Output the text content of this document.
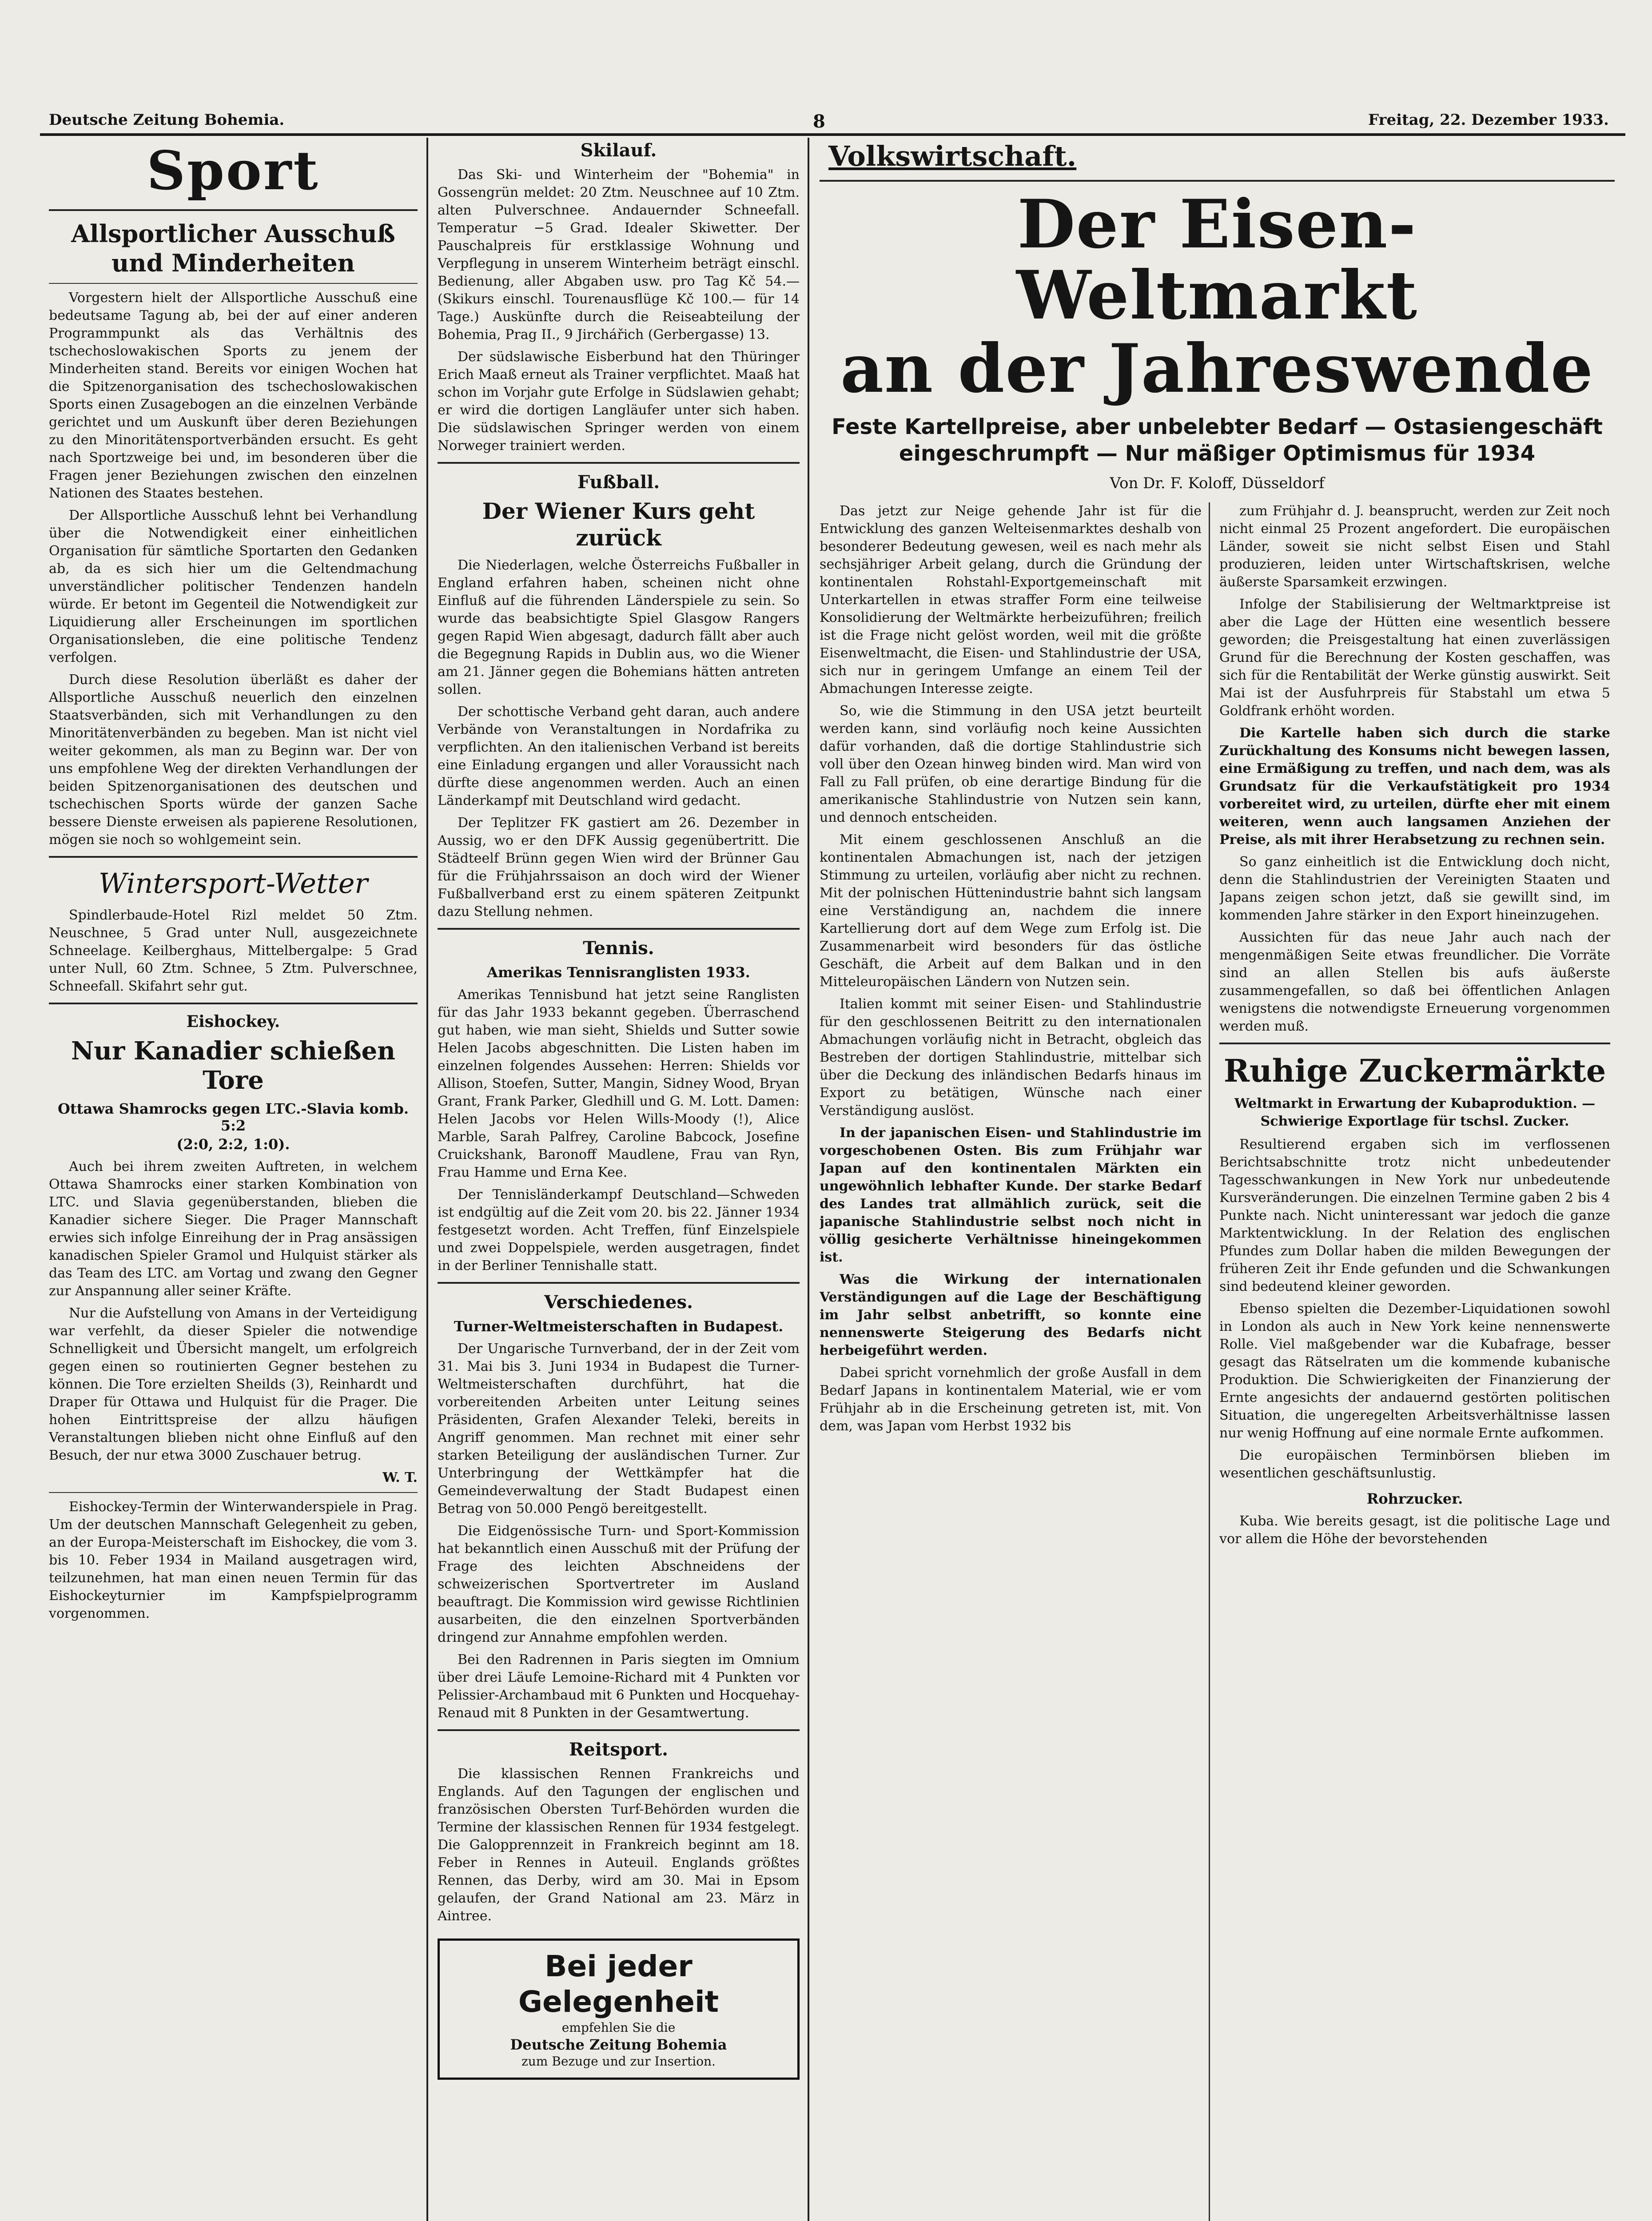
Deutsche Zeitung Bohemia.	8	Freitag, 22. Dezember 1933.
Sport
Allsportlicher Ausschuß und Minderheiten

Vorgestern hielt der Allsportliche Ausschuß eine bedeutsame Tagung ab, bei der auf einer anderen Programmpunkt als das Verhältnis des tschechoslowakischen Sports zu jenem der Minderheiten stand. Bereits vor einigen Wochen hat die Spitzenorganisation des tschechoslowakischen Sports einen Zusagebogen an die einzelnen Verbände gerichtet und um Auskunft über deren Beziehungen zu den Minoritätensportverbänden ersucht. Es geht nach Sportzweige bei und, im besonderen über die Fragen jener Beziehungen zwischen den einzelnen Nationen des Staates bestehen.

Der Allsportliche Ausschuß lehnt bei Verhandlung über die Notwendigkeit einer einheitlichen Organisation für sämtliche Sportarten den Gedanken ab, da es sich hier um die Geltendmachung unverständlicher politischer Tendenzen handeln würde. Er betont im Gegenteil die Notwendigkeit zur Liquidierung aller Erscheinungen im sportlichen Organisationsleben, die eine politische Tendenz verfolgen.

Durch diese Resolution überläßt es daher der Allsportliche Ausschuß neuerlich den einzelnen Staatsverbänden, sich mit Verhandlungen zu den Minoritätenverbänden zu begeben. Man ist nicht viel weiter gekommen, als man zu Beginn war. Der von uns empfohlene Weg der direkten Verhandlungen der beiden Spitzenorganisationen des deutschen und tschechischen Sports würde der ganzen Sache bessere Dienste erweisen als papierene Resolutionen, mögen sie noch so wohlgemeint sein.

Wintersport-Wetter

Spindlerbaude-Hotel Rizl meldet 50 Ztm. Neuschnee, 5 Grad unter Null, ausgezeichnete Schneelage. Keilberghaus, Mittelbergalpe: 5 Grad unter Null, 60 Ztm. Schnee, 5 Ztm. Pulverschnee, Schneefall. Skifahrt sehr gut.

Eishockey.
Nur Kanadier schießen Tore
Ottawa Shamrocks gegen LTC.-Slavia komb. 5:2
(2:0, 2:2, 1:0).

Auch bei ihrem zweiten Auftreten, in welchem Ottawa Shamrocks einer starken Kombination von LTC. und Slavia gegenüberstanden, blieben die Kanadier sichere Sieger. Die Prager Mannschaft erwies sich infolge Einreihung der in Prag ansässigen kanadischen Spieler Gramol und Hulquist stärker als das Team des LTC. am Vortag und zwang den Gegner zur Anspannung aller seiner Kräfte.

Nur die Aufstellung von Amans in der Verteidigung war verfehlt, da dieser Spieler die notwendige Schnelligkeit und Übersicht mangelt, um erfolgreich gegen einen so routinierten Gegner bestehen zu können. Die Tore erzielten Sheilds (3), Reinhardt und Draper für Ottawa und Hulquist für die Prager. Die hohen Eintrittspreise der allzu häufigen Veranstaltungen blieben nicht ohne Einfluß auf den Besuch, der nur etwa 3000 Zuschauer betrug.

W. T.

Eishockey-Termin der Winterwanderspiele in Prag. Um der deutschen Mannschaft Gelegenheit zu geben, an der Europa-Meisterschaft im Eishockey, die vom 3. bis 10. Feber 1934 in Mailand ausgetragen wird, teilzunehmen, hat man einen neuen Termin für das Eishockeyturnier im Kampfspielprogramm vorgenommen.

Skilauf.

Das Ski- und Winterheim der "Bohemia" in Gossengrün meldet: 20 Ztm. Neuschnee auf 10 Ztm. alten Pulverschnee. Andauernder Schneefall. Temperatur −5 Grad. Idealer Skiwetter. Der Pauschalpreis für erstklassige Wohnung und Verpflegung in unserem Winterheim beträgt einschl. Bedienung, aller Abgaben usw. pro Tag Kč 54.— (Skikurs einschl. Tourenausflüge Kč 100.— für 14 Tage.) Auskünfte durch die Reiseabteilung der Bohemia, Prag II., 9 Jirchářich (Gerbergasse) 13.

Der südslawische Eisberbund hat den Thüringer Erich Maaß erneut als Trainer verpflichtet. Maaß hat schon im Vorjahr gute Erfolge in Südslawien gehabt; er wird die dortigen Langläufer unter sich haben. Die südslawischen Springer werden von einem Norweger trainiert werden.

Fußball.
Der Wiener Kurs geht zurück

Die Niederlagen, welche Österreichs Fußballer in England erfahren haben, scheinen nicht ohne Einfluß auf die führenden Länderspiele zu sein. So wurde das beabsichtigte Spiel Glasgow Rangers gegen Rapid Wien abgesagt, dadurch fällt aber auch die Begegnung Rapids in Dublin aus, wo die Wiener am 21. Jänner gegen die Bohemians hätten antreten sollen.

Der schottische Verband geht daran, auch andere Verbände von Veranstaltungen in Nordafrika zu verpflichten. An den italienischen Verband ist bereits eine Einladung ergangen und aller Voraussicht nach dürfte diese angenommen werden. Auch an einen Länderkampf mit Deutschland wird gedacht.

Der Teplitzer FK gastiert am 26. Dezember in Aussig, wo er den DFK Aussig gegenübertritt. Die Städteelf Brünn gegen Wien wird der Brünner Gau für die Frühjahrssaison an doch wird der Wiener Fußballverband erst zu einem späteren Zeitpunkt dazu Stellung nehmen.

Tennis.
Amerikas Tennisranglisten 1933.

Amerikas Tennisbund hat jetzt seine Ranglisten für das Jahr 1933 bekannt gegeben. Überraschend gut haben, wie man sieht, Shields und Sutter sowie Helen Jacobs abgeschnitten. Die Listen haben im einzelnen folgendes Aussehen: Herren: Shields vor Allison, Stoefen, Sutter, Mangin, Sidney Wood, Bryan Grant, Frank Parker, Gledhill und G. M. Lott. Damen: Helen Jacobs vor Helen Wills-Moody (!), Alice Marble, Sarah Palfrey, Caroline Babcock, Josefine Cruickshank, Baronoff Maudlene, Frau van Ryn, Frau Hamme und Erna Kee.

Der Tennisländerkampf Deutschland—Schweden ist endgültig auf die Zeit vom 20. bis 22. Jänner 1934 festgesetzt worden. Acht Treffen, fünf Einzelspiele und zwei Doppelspiele, werden ausgetragen, findet in der Berliner Tennishalle statt.

Verschiedenes.
Turner-Weltmeisterschaften in Budapest.

Der Ungarische Turnverband, der in der Zeit vom 31. Mai bis 3. Juni 1934 in Budapest die Turner-Weltmeisterschaften durchführt, hat die vorbereitenden Arbeiten unter Leitung seines Präsidenten, Grafen Alexander Teleki, bereits in Angriff genommen. Man rechnet mit einer sehr starken Beteiligung der ausländischen Turner. Zur Unterbringung der Wettkämpfer hat die Gemeindeverwaltung der Stadt Budapest einen Betrag von 50.000 Pengö bereitgestellt.

Die Eidgenössische Turn- und Sport-Kommission hat bekanntlich einen Ausschuß mit der Prüfung der Frage des leichten Abschneidens der schweizerischen Sportvertreter im Ausland beauftragt. Die Kommission wird gewisse Richtlinien ausarbeiten, die den einzelnen Sportverbänden dringend zur Annahme empfohlen werden.

Bei den Radrennen in Paris siegten im Omnium über drei Läufe Lemoine-Richard mit 4 Punkten vor Pelissier-Archambaud mit 6 Punkten und Hocquehay-Renaud mit 8 Punkten in der Gesamtwertung.

Reitsport.

Die klassischen Rennen Frankreichs und Englands. Auf den Tagungen der englischen und französischen Obersten Turf-Behörden wurden die Termine der klassischen Rennen für 1934 festgelegt. Die Galopprennzeit in Frankreich beginnt am 18. Feber in Rennes in Auteuil. Englands größtes Rennen, das Derby, wird am 30. Mai in Epsom gelaufen, der Grand National am 23. März in Aintree.

Bei jeder Gelegenheit
empfehlen Sie die
Deutsche Zeitung Bohemia
zum Bezuge und zur Insertion.
Volkswirtschaft.
Der Eisen-Weltmarkt
an der Jahreswende
Feste Kartellpreise, aber unbelebter Bedarf — Ostasiengeschäft
eingeschrumpft — Nur mäßiger Optimismus für 1934
Von Dr. F. Koloff, Düsseldorf

Das jetzt zur Neige gehende Jahr ist für die Entwicklung des ganzen Welteisenmarktes deshalb von besonderer Bedeutung gewesen, weil es nach mehr als sechsjähriger Arbeit gelang, durch die Gründung der kontinentalen Rohstahl-Exportgemeinschaft mit Unterkartellen in etwas straffer Form eine teilweise Konsolidierung der Weltmärkte herbeizuführen; freilich ist die Frage nicht gelöst worden, weil mit die größte Eisenweltmacht, die Eisen- und Stahlindustrie der USA, sich nur in geringem Umfange an einem Teil der Abmachungen Interesse zeigte.

So, wie die Stimmung in den USA jetzt beurteilt werden kann, sind vorläufig noch keine Aussichten dafür vorhanden, daß die dortige Stahlindustrie sich voll über den Ozean hinweg binden wird. Man wird von Fall zu Fall prüfen, ob eine derartige Bindung für die amerikanische Stahlindustrie von Nutzen sein kann, und dennoch entscheiden.

Mit einem geschlossenen Anschluß an die kontinentalen Abmachungen ist, nach der jetzigen Stimmung zu urteilen, vorläufig aber nicht zu rechnen. Mit der polnischen Hüttenindustrie bahnt sich langsam eine Verständigung an, nachdem die innere Kartellierung dort auf dem Wege zum Erfolg ist. Die Zusammenarbeit wird besonders für das östliche Geschäft, die Arbeit auf dem Balkan und in den Mitteleuropäischen Ländern von Nutzen sein.

Italien kommt mit seiner Eisen- und Stahlindustrie für den geschlossenen Beitritt zu den internationalen Abmachungen vorläufig nicht in Betracht, obgleich das Bestreben der dortigen Stahlindustrie, mittelbar sich über die Deckung des inländischen Bedarfs hinaus im Export zu betätigen, Wünsche nach einer Verständigung auslöst.

In der japanischen Eisen- und Stahlindustrie im vorgeschobenen Osten. Bis zum Frühjahr war Japan auf den kontinentalen Märkten ein ungewöhnlich lebhafter Kunde. Der starke Bedarf des Landes trat allmählich zurück, seit die japanische Stahlindustrie selbst noch nicht in völlig gesicherte Verhältnisse hineingekommen ist.

Was die Wirkung der internationalen Verständigungen auf die Lage der Beschäftigung im Jahr selbst anbetrifft, so konnte eine nennenswerte Steigerung des Bedarfs nicht herbeigeführt werden.

Dabei spricht vornehmlich der große Ausfall in dem Bedarf Japans in kontinentalem Material, wie er vom Frühjahr ab in die Erscheinung getreten ist, mit. Von dem, was Japan vom Herbst 1932 bis

zum Frühjahr d. J. beansprucht, werden zur Zeit noch nicht einmal 25 Prozent angefordert. Die europäischen Länder, soweit sie nicht selbst Eisen und Stahl produzieren, leiden unter Wirtschaftskrisen, welche äußerste Sparsamkeit erzwingen.

Infolge der Stabilisierung der Weltmarktpreise ist aber die Lage der Hütten eine wesentlich bessere geworden; die Preisgestaltung hat einen zuverlässigen Grund für die Berechnung der Kosten geschaffen, was sich für die Rentabilität der Werke günstig auswirkt. Seit Mai ist der Ausfuhrpreis für Stabstahl um etwa 5 Goldfrank erhöht worden.

Die Kartelle haben sich durch die starke Zurückhaltung des Konsums nicht bewegen lassen, eine Ermäßigung zu treffen, und nach dem, was als Grundsatz für die Verkaufstätigkeit pro 1934 vorbereitet wird, zu urteilen, dürfte eher mit einem weiteren, wenn auch langsamen Anziehen der Preise, als mit ihrer Herabsetzung zu rechnen sein.

So ganz einheitlich ist die Entwicklung doch nicht, denn die Stahlindustrien der Vereinigten Staaten und Japans zeigen schon jetzt, daß sie gewillt sind, im kommenden Jahre stärker in den Export hineinzugehen.

Aussichten für das neue Jahr auch nach der mengenmäßigen Seite etwas freundlicher. Die Vorräte sind an allen Stellen bis aufs äußerste zusammengefallen, so daß bei öffentlichen Anlagen wenigstens die notwendigste Erneuerung vorgenommen werden muß.

Ruhige Zuckermärkte
Weltmarkt in Erwartung der Kubaproduktion. — Schwierige Exportlage für tschsl. Zucker.

Resultierend ergaben sich im verflossenen Berichtsabschnitte trotz nicht unbedeutender Tagesschwankungen in New York nur unbedeutende Kursveränderungen. Die einzelnen Termine gaben 2 bis 4 Punkte nach. Nicht uninteressant war jedoch die ganze Marktentwicklung. In der Relation des englischen Pfundes zum Dollar haben die milden Bewegungen der früheren Zeit ihr Ende gefunden und die Schwankungen sind bedeutend kleiner geworden.

Ebenso spielten die Dezember-Liquidationen sowohl in London als auch in New York keine nennenswerte Rolle. Viel maßgebender war die Kubafrage, besser gesagt das Rätselraten um die kommende kubanische Produktion. Die Schwierigkeiten der Finanzierung der Ernte angesichts der andauernd gestörten politischen Situation, die ungeregelten Arbeitsverhältnisse lassen nur wenig Hoffnung auf eine normale Ernte aufkommen.

Die europäischen Terminbörsen blieben im wesentlichen geschäftsunlustig.

Rohrzucker.

Kuba. Wie bereits gesagt, ist die politische Lage und vor allem die Höhe der bevorstehenden
